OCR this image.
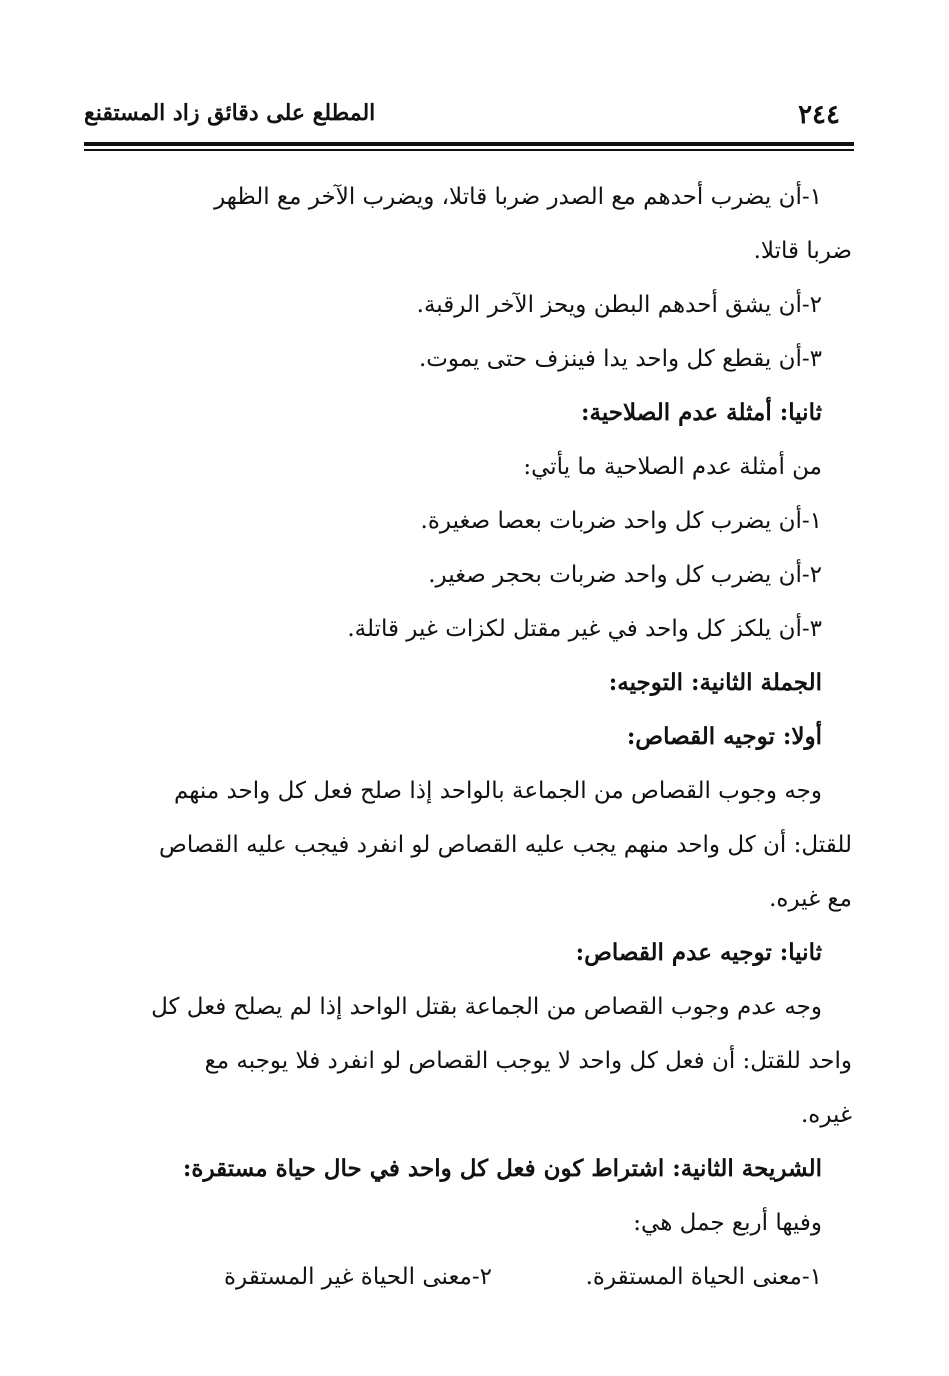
٢٤٤
المطلع على دقائق زاد المستقنع

١-أن يضرب أحدهم مع الصدر ضربا قاتلا، ويضرب الآخر مع الظهر

ضربا قاتلا.

٢-أن يشق أحدهم البطن ويحز الآخر الرقبة.

٣-أن يقطع كل واحد يدا فينزف حتى يموت.

ثانيا: أمثلة عدم الصلاحية:

من أمثلة عدم الصلاحية ما يأتي:

١-أن يضرب كل واحد ضربات بعصا صغيرة.

٢-أن يضرب كل واحد ضربات بحجر صغير.

٣-أن يلكز كل واحد في غير مقتل لكزات غير قاتلة.

الجملة الثانية: التوجيه:

أولا: توجيه القصاص:

وجه وجوب القصاص من الجماعة بالواحد إذا صلح فعل كل واحد منهم

للقتل: أن كل واحد منهم يجب عليه القصاص لو انفرد فيجب عليه القصاص

مع غيره.

ثانيا: توجيه عدم القصاص:

وجه عدم وجوب القصاص من الجماعة بقتل الواحد إذا لم يصلح فعل كل

واحد للقتل: أن فعل كل واحد لا يوجب القصاص لو انفرد فلا يوجبه مع

غيره.

الشريحة الثانية: اشتراط كون فعل كل واحد في حال حياة مستقرة:

وفيها أربع جمل هي:

١-معنى الحياة المستقرة.
٢-معنى الحياة غير المستقرة
